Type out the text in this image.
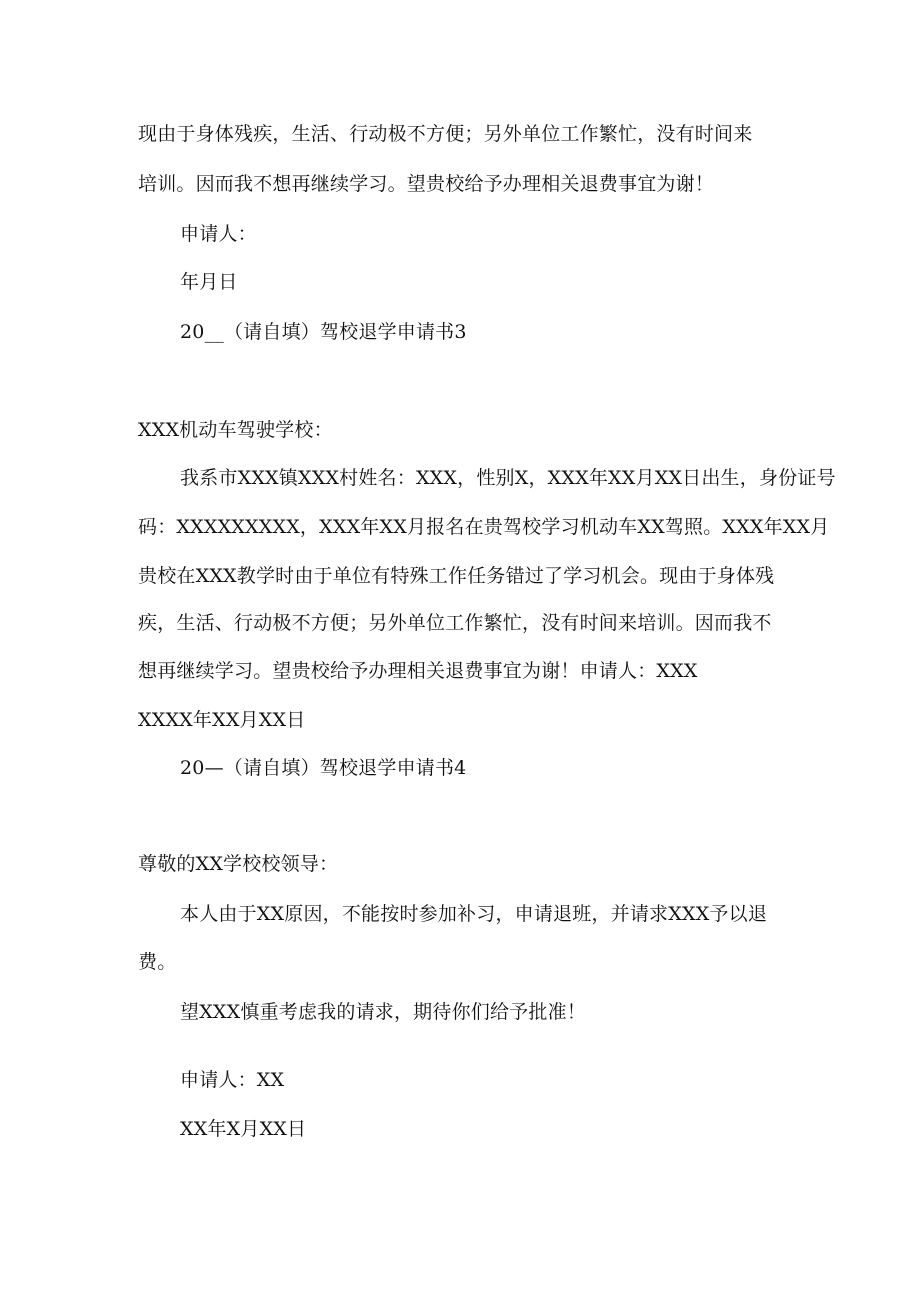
现由于身体残疾，生活、行动极不方便；另外单位工作繁忙，没有时间来
培训。因而我不想再继续学习。望贵校给予办理相关退费事宜为谢！
申请人：
年月日
20__（请自填）驾校退学申请书3
XXX机动车驾驶学校：
我系市XXX镇XXX村姓名：XXX，性别X，XXX年XX月XX日出生，身份证号
码：XXXXXXXXX，XXX年XX月报名在贵驾校学习机动车XX驾照。XXX年XX月
贵校在XXX教学时由于单位有特殊工作任务错过了学习机会。现由于身体残
疾，生活、行动极不方便；另外单位工作繁忙，没有时间来培训。因而我不
想再继续学习。望贵校给予办理相关退费事宜为谢！申请人：XXX
XXXX年XX月XX日
20—（请自填）驾校退学申请书4
尊敬的XX学校校领导：
本人由于XX原因，不能按时参加补习，申请退班，并请求XXX予以退
费。
望XXX慎重考虑我的请求，期待你们给予批准！
申请人：XX
XX年X月XX日
